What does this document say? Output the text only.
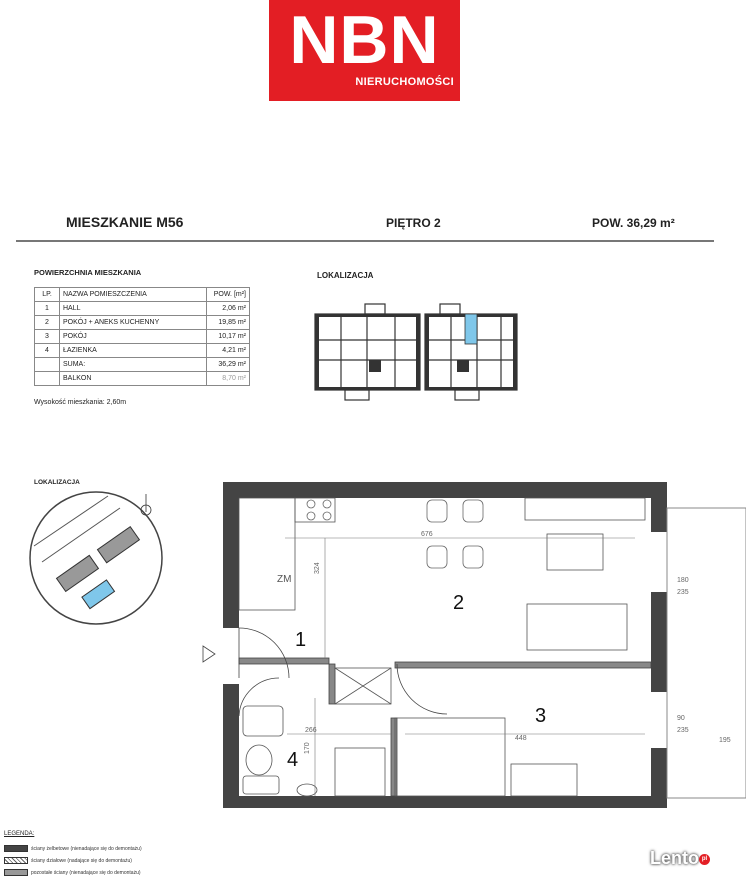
NBN
NIERUCHOMOŚCI
MIESZKANIE M56	PIĘTRO 2	POW. 36,29 m²
POWIERZCHNIA MIESZKANIA
LP.	NAZWA POMIESZCZENIA	POW. [m²]
1	HALL	2,06 m²
2	POKÓJ + ANEKS KUCHENNY	19,85 m²
3	POKÓJ	10,17 m²
4	ŁAZIENKA	4,21 m²
	SUMA:	36,29 m²
	BALKON	8,70 m²
Wysokość mieszkania: 2,60m
LOKALIZACJA
LOKALIZACJA
2
1
3
4
ZM
676
324
266
170
448
180
235
90
235
195
LEGENDA:
ściany żelbetowe (nienadające się do demontażu)
ściany działowe (nadające się do demontażu)
pozostałe ściany (nienadające się do demontażu)
Lento pl
